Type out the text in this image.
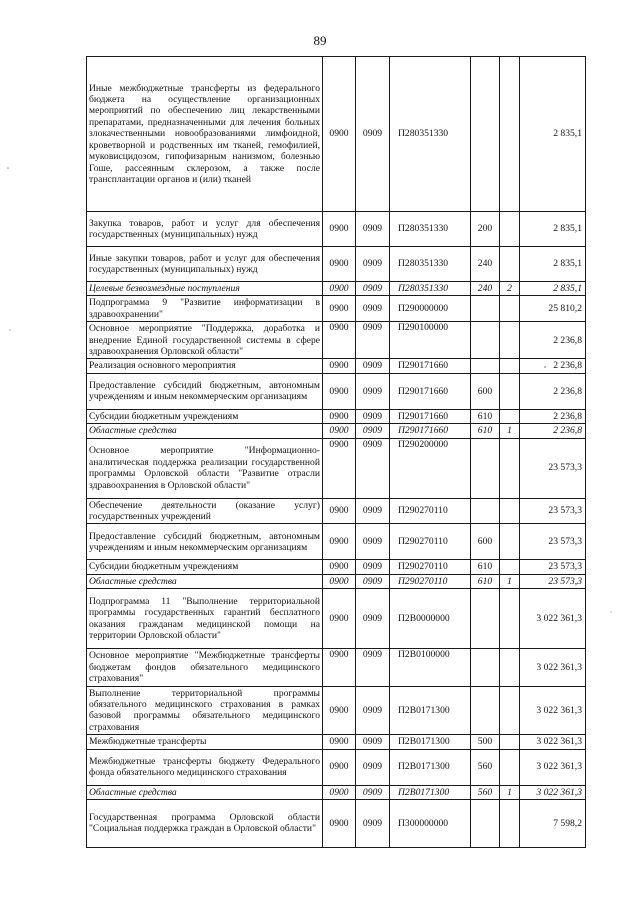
89
Иные межбюджетные трансферты из федерального бюджета на осуществление организационных мероприятий по обеспечению лиц лекарственными препаратами, предназначенными для лечения больных злокачественными новообразованиями лимфоидной, кроветворной и родственных им тканей, гемофилией, муковисцидозом, гипофизарным нанизмом, болезнью Гоше, рассеянным склерозом, а также после трансплантации органов и (или) тканей	0900	0909	П280351330			2 835,1
Закупка товаров, работ и услуг для обеспечения государственных (муниципальных) нужд	0900	0909	П280351330	200		2 835,1
Иные закупки товаров, работ и услуг для обеспечения государственных (муниципальных) нужд	0900	0909	П280351330	240		2 835,1
Целевые безвозмездные поступления	0900	0909	П280351330	240	2	2 835,1
Подпрограмма 9 "Развитие информатизации в здравоохранении"	0900	0909	П290000000			25 810,2
Основное мероприятие "Поддержка, доработка и внедрение Единой государственной системы в сфере здравоохранения Орловской области"	0900	0909	П290100000			2 236,8
Реализация основного мероприятия	0900	0909	П290171660			2 236,8
Предоставление субсидий бюджетным, автономным учреждениям и иным некоммерческим организациям	0900	0909	П290171660	600		2 236,8
Субсидии бюджетным учреждениям	0900	0909	П290171660	610		2 236,8
Областные средства	0900	0909	П290171660	610	1	2 236,8
Основное мероприятие "Информационно-аналитическая поддержка реализации государственной программы Орловской области "Развитие отрасли здравоохранения в Орловской области"	0900	0909	П290200000			23 573,3
Обеспечение деятельности (оказание услуг) государственных учреждений	0900	0909	П290270110			23 573,3
Предоставление субсидий бюджетным, автономным учреждениям и иным некоммерческим организациям	0900	0909	П290270110	600		23 573,3
Субсидии бюджетным учреждениям	0900	0909	П290270110	610		23 573,3
Областные средства	0900	0909	П290270110	610	1	23 573,3
Подпрограмма 11 "Выполнение территориальной программы государственных гарантий бесплатного оказания гражданам медицинской помощи на территории Орловской области"	0900	0909	П2В0000000			3 022 361,3
Основное мероприятие "Межбюджетные трансферты бюджетам фондов обязательного медицинского страхования"	0900	0909	П2В0100000			3 022 361,3
Выполнение территориальной программы обязательного медицинского страхования в рамках базовой программы обязательного медицинского страхования	0900	0909	П2В0171300			3 022 361,3
Межбюджетные трансферты	0900	0909	П2В0171300	500		3 022 361,3
Межбюджетные трансферты бюджету Федерального фонда обязательного медицинского страхования	0900	0909	П2В0171300	560		3 022 361,3
Областные средства	0900	0909	П2В0171300	560	1	3 022 361,3
Государственная программа Орловской области "Социальная поддержка граждан в Орловской области"	0900	0909	П300000000			7 598,2
